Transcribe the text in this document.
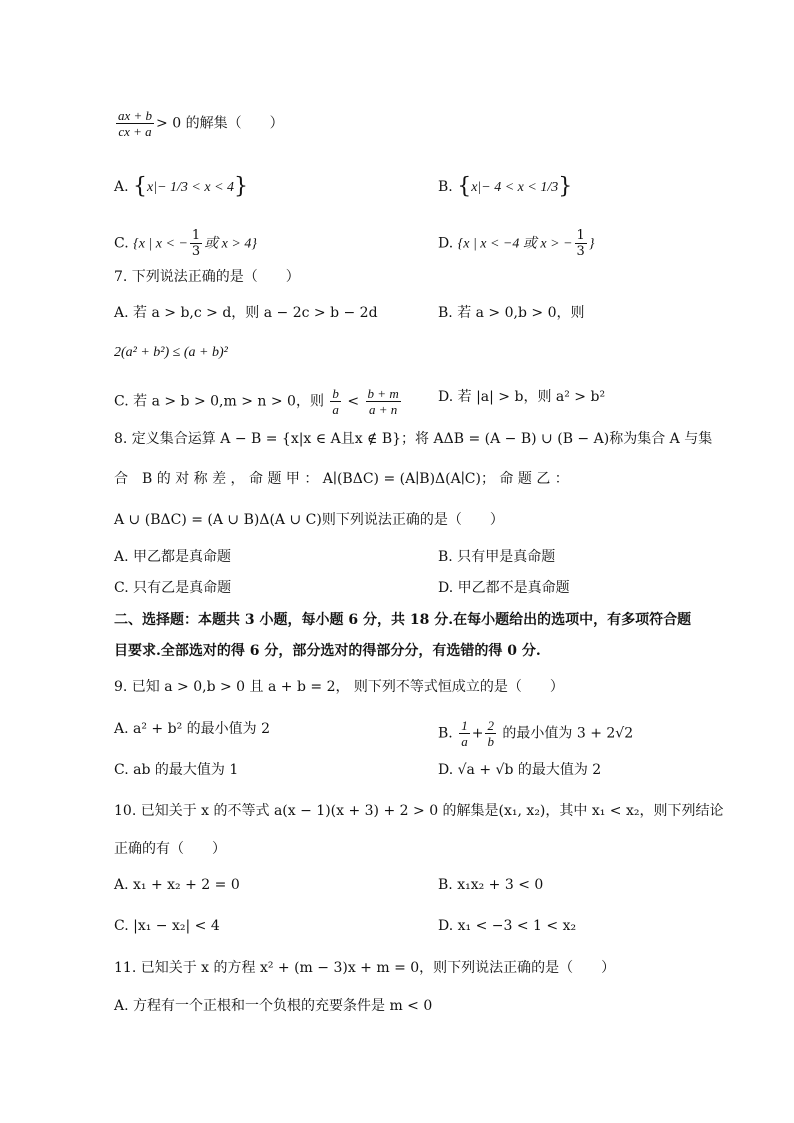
$\frac{ax + b}{cx + a} > 0$ 的解集（　　）
A. {x|− 1/3 < x < 4}	B. {x|− 4 < x < 1/3}
C. {x | x < − $\frac{1}{3}$ 或 x > 4}	D. {x | x < −4 或 x > − $\frac{1}{3}$ }
7. 下列说法正确的是（　　）
A. 若 a > b,c > d，则 a − 2c > b − 2d	B. 若 a > 0,b > 0，则
2(a² + b²) ≤ (a + b)²
C. 若 a > b > 0,m > n > 0，则 $\frac{b}{a} < \frac{b + m}{a + n}$	D. 若 |a| > b，则 a² > b²
8. 定义集合运算 A − B = {x|x ∈ A且x ∉ B}；将 AΔB = (A − B) ∪ (B − A)称为集合 A 与集
合　B 的 对 称 差 ， 命 题 甲 ： A∣(BΔC) = (A∣B)Δ(A∣C)； 命 题 乙 ：
A ∪ (BΔC) = (A ∪ B)Δ(A ∪ C)则下列说法正确的是（　　）
A. 甲乙都是真命题	B. 只有甲是真命题
C. 只有乙是真命题	D. 甲乙都不是真命题
二、选择题：本题共 3 小题，每小题 6 分，共 18 分.在每小题给出的选项中，有多项符合题
目要求.全部选对的得 6 分，部分选对的得部分分，有选错的得 0 分.
9. 已知 a > 0,b > 0 且 a + b = 2， 则下列不等式恒成立的是（　　）
A. a² + b² 的最小值为 2	B. $\frac{1}{a} + \frac{2}{b}$ 的最小值为 3 + 2√2
C. ab 的最大值为 1	D. √a + √b 的最大值为 2
10. 已知关于 x 的不等式 a(x − 1)(x + 3) + 2 > 0 的解集是(x₁, x₂)，其中 x₁ < x₂，则下列结论
正确的有（　　）
A. x₁ + x₂ + 2 = 0	B. x₁x₂ + 3 < 0
C. |x₁ − x₂| < 4	D. x₁ < −3 < 1 < x₂
11. 已知关于 x 的方程 x² + (m − 3)x + m = 0，则下列说法正确的是（　　）
A. 方程有一个正根和一个负根的充要条件是 m < 0
